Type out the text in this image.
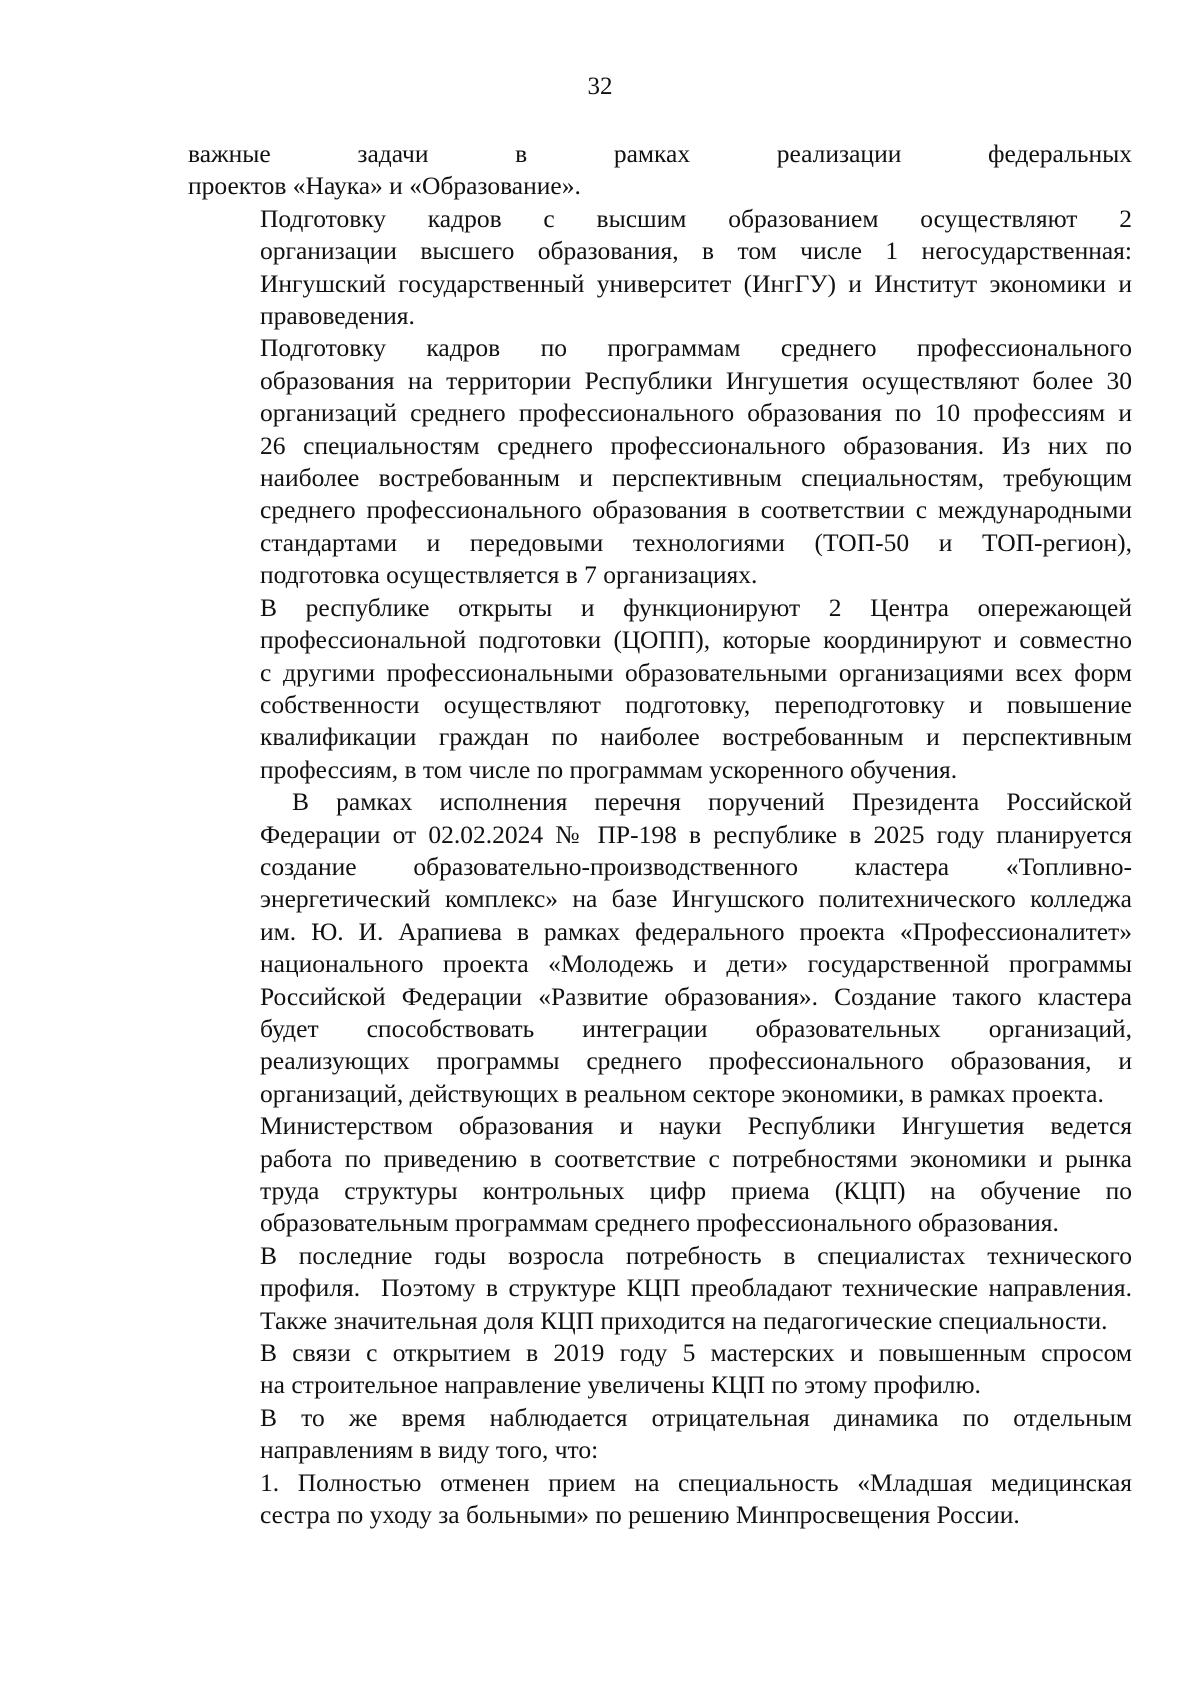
32

важные задачи в рамках реализации федеральных
проектов «Наука» и «Образование».

Подготовку кадров с высшим образованием осуществляют 2
организации высшего образования, в том числе 1 негосударственная:
Ингушский государственный университет (ИнгГУ) и Институт экономики и
правоведения.

Подготовку кадров по программам среднего профессионального
образования на территории Республики Ингушетия осуществляют более 30
организаций среднего профессионального образования по 10 профессиям и
26 специальностям среднего профессионального образования. Из них по
наиболее востребованным и перспективным специальностям, требующим
среднего профессионального образования в соответствии с международными
стандартами и передовыми технологиями (ТОП-50 и ТОП-регион),
подготовка осуществляется в 7 организациях.

В республике открыты и функционируют 2 Центра опережающей
профессиональной подготовки (ЦОПП), которые координируют и совместно
с другими профессиональными образовательными организациями всех форм
собственности осуществляют подготовку, переподготовку и повышение
квалификации граждан по наиболее востребованным и перспективным
профессиям, в том числе по программам ускоренного обучения.

В рамках исполнения перечня поручений Президента Российской
Федерации от 02.02.2024 № ПР-198 в республике в 2025 году планируется
создание образовательно-производственного кластера «Топливно-
энергетический комплекс» на базе Ингушского политехнического колледжа
им. Ю. И. Арапиева в рамках федерального проекта «Профессионалитет»
национального проекта «Молодежь и дети» государственной программы
Российской Федерации «Развитие образования». Создание такого кластера
будет способствовать интеграции образовательных организаций,
реализующих программы среднего профессионального образования, и
организаций, действующих в реальном секторе экономики, в рамках проекта.

Министерством образования и науки Республики Ингушетия ведется
работа по приведению в соответствие с потребностями экономики и рынка
труда структуры контрольных цифр приема (КЦП) на обучение по
образовательным программам среднего профессионального образования.

В последние годы возросла потребность в специалистах технического
профиля.  Поэтому в структуре КЦП преобладают технические направления.
Также значительная доля КЦП приходится на педагогические специальности.

В связи с открытием в 2019 году 5 мастерских и повышенным спросом
на строительное направление увеличены КЦП по этому профилю.

В то же время наблюдается отрицательная динамика по отдельным
направлениям в виду того, что:

1. Полностью отменен прием на специальность «Младшая медицинская
сестра по уходу за больными» по решению Минпросвещения России.
